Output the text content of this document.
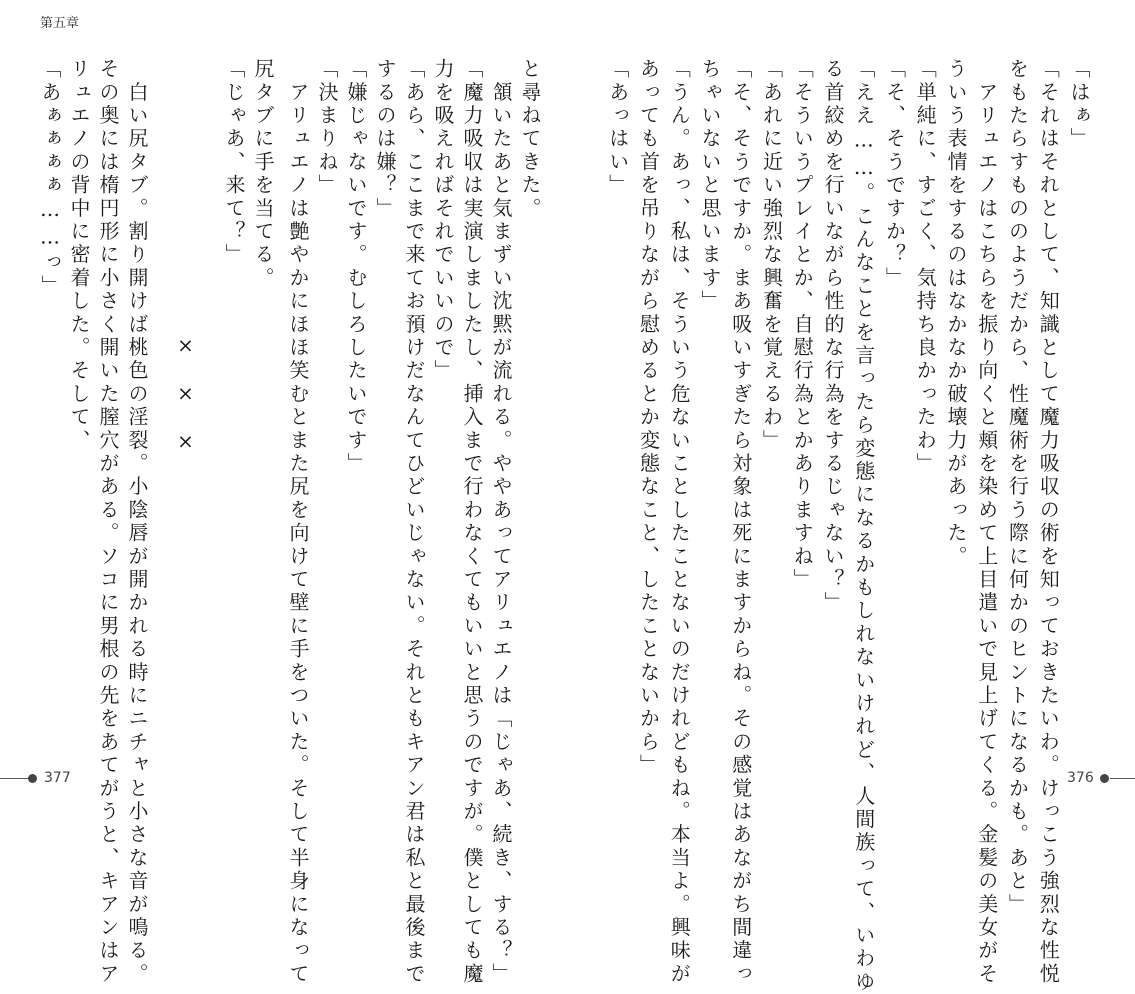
第五章
「はぁ」
「それはそれとして、知識として魔力吸収の術を知っておきたいわ。けっこう強烈な性悦
をもたらすもののようだから、性魔術を行う際に何かのヒントになるかも。あと」
　アリュエノはこちらを振り向くと頬を染めて上目遣いで見上げてくる。金髪の美女がそ
ういう表情をするのはなかなか破壊力があった。
「単純に、すごく、気持ち良かったわ」
「そ、そうですか？」
「ええ……。こんなことを言ったら変態になるかもしれないけれど、人間族って、いわゆ
る首絞めを行いながら性的な行為をするじゃない？」
「そういうプレイとか、自慰行為とかありますね」
「あれに近い強烈な興奮を覚えるわ」
「そ、そうですか。まあ吸いすぎたら対象は死にますからね。その感覚はあながち間違っ
ちゃいないと思います」
「うん。あっ、私は、そういう危ないことしたことないのだけれどもね。本当よ。興味が
あっても首を吊りながら慰めるとか変態なこと、したことないから」
「あっはい」
と尋ねてきた。
　頷いたあと気まずい沈黙が流れる。ややあってアリュエノは「じゃあ、続き、する？」
「魔力吸収は実演しましたし、挿入まで行わなくてもいいと思うのですが。僕としても魔
力を吸えればそれでいいので」
「あら、ここまで来てお預けだなんてひどいじゃない。それともキアン君は私と最後まで
するのは嫌？」
「嫌じゃないです。むしろしたいです」
「決まりね」
　アリュエノは艶やかにほほ笑むとまた尻を向けて壁に手をついた。そして半身になって
尻タブに手を当てる。
「じゃあ、来て？」
×××
　白い尻タブ。割り開けば桃色の淫裂。小陰唇が開かれる時にニチャと小さな音が鳴る。
その奥には楕円形に小さく開いた膣穴がある。ソコに男根の先をあてがうと、キアンはア
リュエノの背中に密着した。そして、
「あぁぁぁぁ……っ」
377	376
